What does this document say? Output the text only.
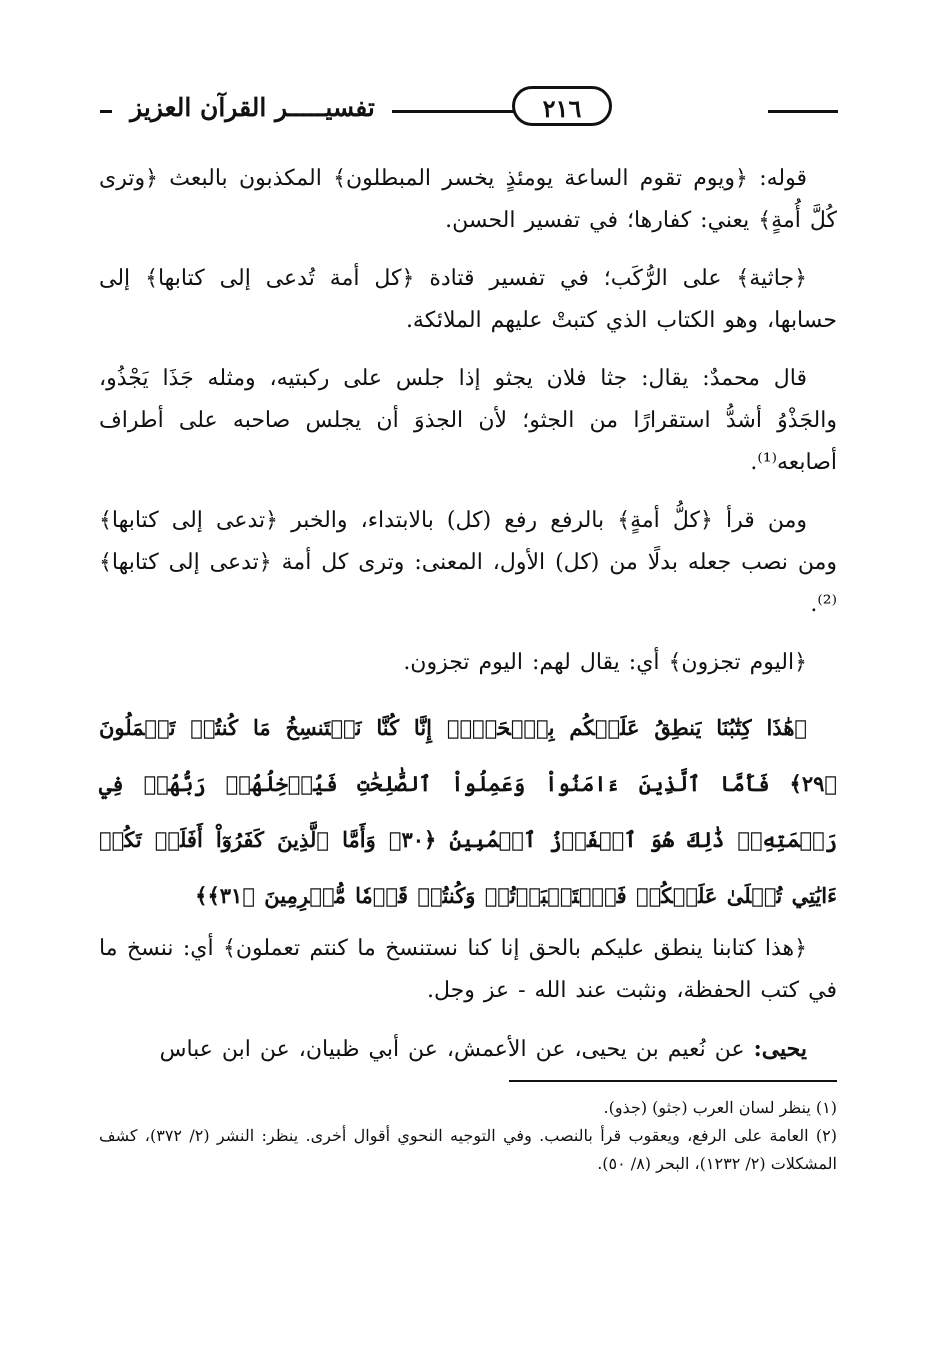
تفسيـــــر القرآن العزيز	٢١٦

قوله: ﴿ويوم تقوم الساعة يومئذٍ يخسر المبطلون﴾ المكذبون بالبعث ﴿وترى كُلَّ أُمةٍ﴾ يعني: كفارها؛ في تفسير الحسن.

﴿جاثية﴾ على الرُّكَب؛ في تفسير قتادة ﴿كل أمة تُدعى إلى كتابها﴾ إلى حسابها، وهو الكتاب الذي كتبتْ عليهم الملائكة.

قال محمدٌ: يقال: جثا فلان يجثو إذا جلس على ركبتيه، ومثله جَذَا يَجْذُو، والجَذْوُ أشدُّ استقرارًا من الجثو؛ لأن الجذوَ أن يجلس صاحبه على أطراف أصابعه⁽¹⁾.

ومن قرأ ﴿كلُّ أمةٍ﴾ بالرفع رفع (كل) بالابتداء، والخبر ﴿تدعى إلى كتابها﴾ ومن نصب جعله بدلًا من (كل) الأول، المعنى: وترى كل أمة ﴿تدعى إلى كتابها﴾⁽²⁾.

﴿اليوم تجزون﴾ أي: يقال لهم: اليوم تجزون.

﴿هَٰذَا كِتَٰبُنَا يَنطِقُ عَلَيۡكُم بِٱلۡحَقِّۚ إِنَّا كُنَّا نَسۡتَنسِخُ مَا كُنتُمۡ تَعۡمَلُونَ ﴿٢٩﴾ فَأَمَّا ٱلَّذِينَ ءَامَنُواْ وَعَمِلُواْ ٱلصَّٰلِحَٰتِ فَيُدۡخِلُهُمۡ رَبُّهُمۡ فِي رَحۡمَتِهِۦۚ ذَٰلِكَ هُوَ ٱلۡفَوۡزُ ٱلۡمُبِينُ ﴿٣٠﴾ وَأَمَّا ٱلَّذِينَ كَفَرُوٓاْ أَفَلَمۡ تَكُنۡ ءَايَٰتِي تُتۡلَىٰ عَلَيۡكُمۡ فَٱسۡتَكۡبَرۡتُمۡ وَكُنتُمۡ قَوۡمٗا مُّجۡرِمِينَ ﴿٣١﴾﴾

﴿هذا كتابنا ينطق عليكم بالحق إنا كنا نستنسخ ما كنتم تعملون﴾ أي: ننسخ ما في كتب الحفظة، ونثبت عند الله - عز وجل.

يحيى: عن نُعيم بن يحيى، عن الأعمش، عن أبي ظبيان، عن ابن عباس

(١) ينظر لسان العرب (جثو) (جذو).

(٢) العامة على الرفع، ويعقوب قرأ بالنصب. وفي التوجيه النحوي أقوال أخرى. ينظر: النشر (٢/ ٣٧٢)، كشف المشكلات (٢/ ١٢٣٢)، البحر (٨/ ٥٠).
